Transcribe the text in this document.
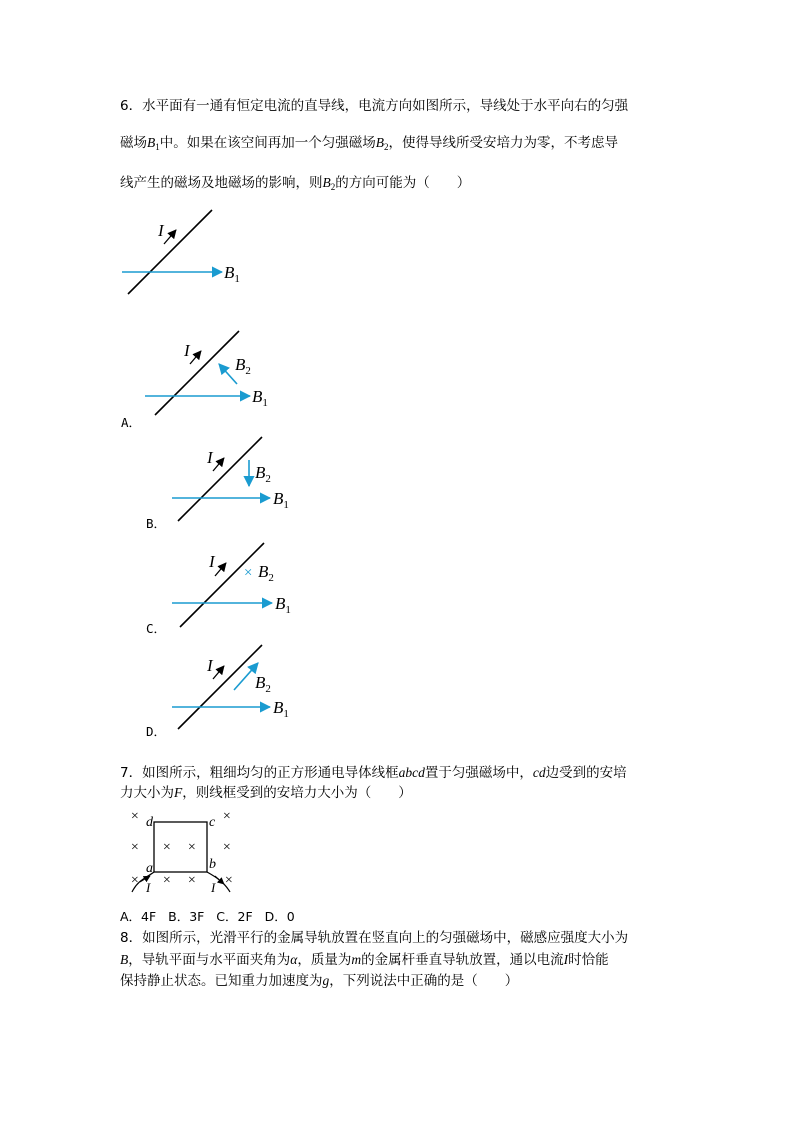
6．水平面有一通有恒定电流的直导线，电流方向如图所示，导线处于水平向右的匀强
磁场$B_1$中。如果在该空间再加一个匀强磁场$B_2$，使得导线所受安培力为零，不考虑导
线产生的磁场及地磁场的影响，则$B_2$的方向可能为（　　）
I
$B_1$
I
$B_2$
$B_1$
I
$B_2$
$B_1$
I
× $B_2$
$B_1$
I
$B_2$
$B_1$
×	×
× × × ×
× ×
×	×
d	c
a	b
I	I
A．
B．
C．
D．
7．如图所示，粗细均匀的正方形通电导体线框abcd置于匀强磁场中，cd边受到的安培
力大小为F，则线框受到的安培力大小为（　　）
A．4F B．3F C．2F D．0
8．如图所示，光滑平行的金属导轨放置在竖直向上的匀强磁场中，磁感应强度大小为
B，导轨平面与水平面夹角为α，质量为m的金属杆垂直导轨放置，通以电流I时恰能
保持静止状态。已知重力加速度为g，下列说法中正确的是（　　）
